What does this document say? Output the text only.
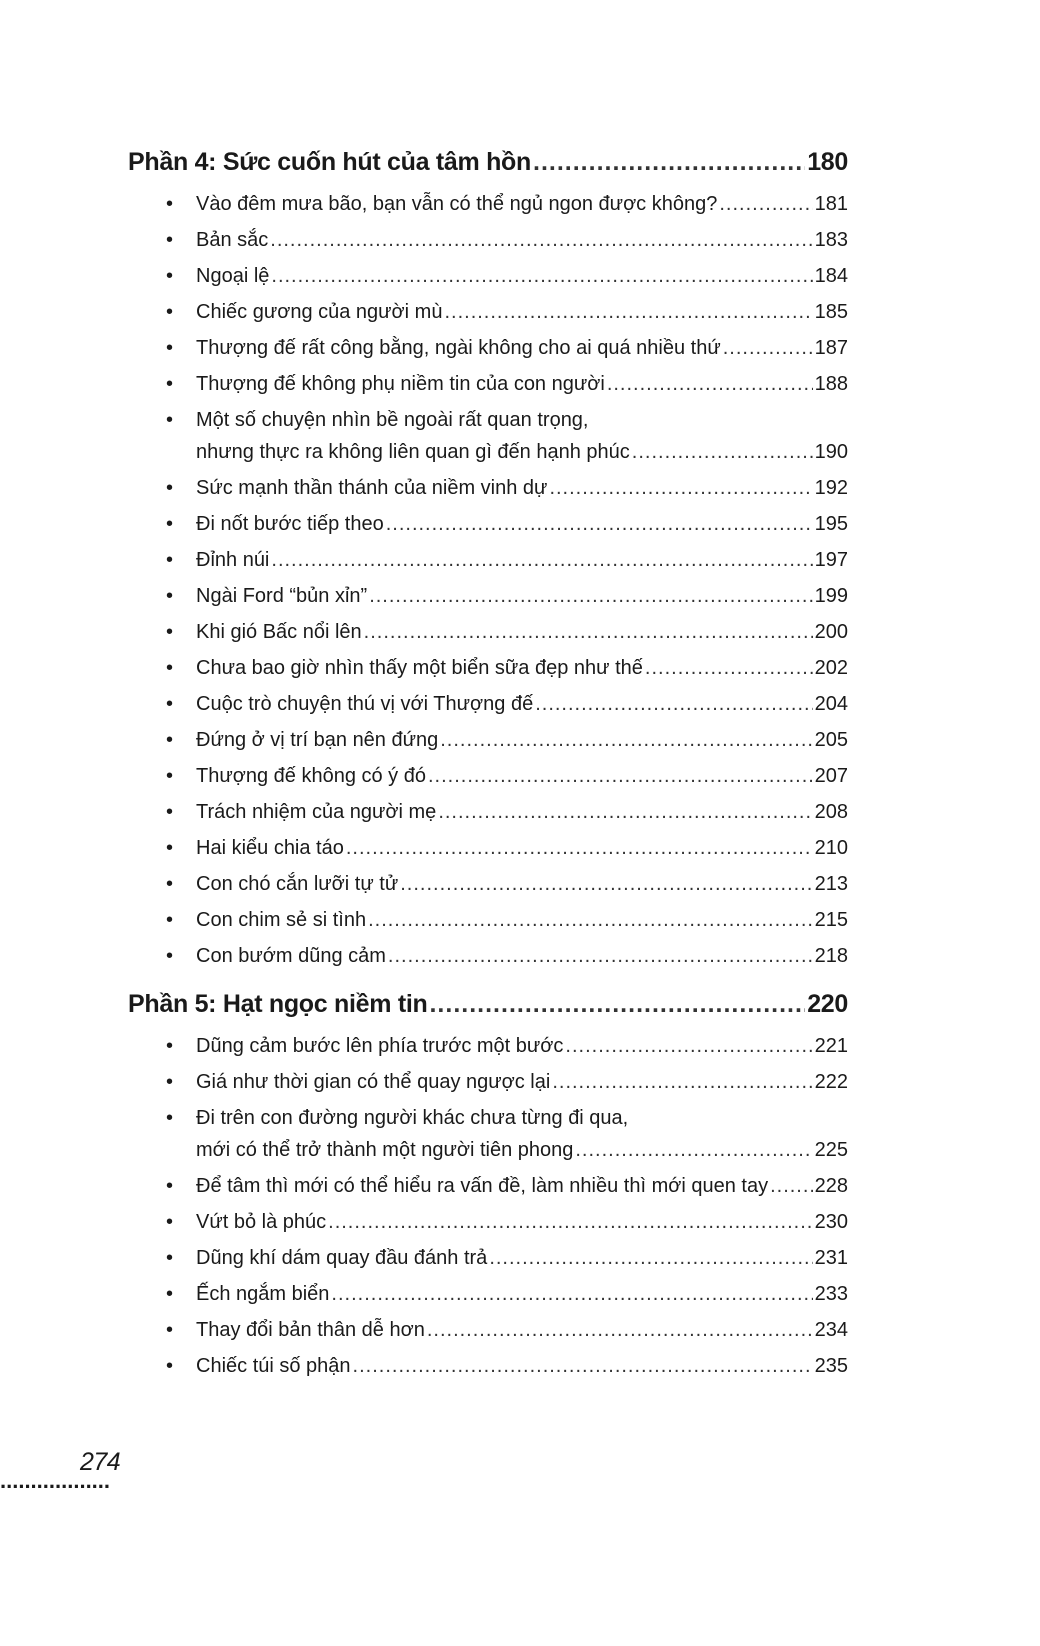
Phần 4: Sức cuốn hút của tâm hồn .....	180
•	Vào đêm mưa bão, bạn vẫn có thể ngủ ngon được không? .....	181
•	Bản sắc .....	183
•	Ngoại lệ .....	184
•	Chiếc gương của người mù .....	185
•	Thượng đế rất công bằng, ngài không cho ai quá nhiều thứ .....	187
•	Thượng đế không phụ niềm tin của con người .....	188
•	Một số chuyện nhìn bề ngoài rất quan trọng,
nhưng thực ra không liên quan gì đến hạnh phúc .....	190
•	Sức mạnh thần thánh của niềm vinh dự .....	192
•	Đi nốt bước tiếp theo .....	195
•	Đỉnh núi .....	197
•	Ngài Ford “bủn xỉn” .....	199
•	Khi gió Bấc nổi lên .....	200
•	Chưa bao giờ nhìn thấy một biển sữa đẹp như thế .....	202
•	Cuộc trò chuyện thú vị với Thượng đế .....	204
•	Đứng ở vị trí bạn nên đứng .....	205
•	Thượng đế không có ý đó .....	207
•	Trách nhiệm của người mẹ .....	208
•	Hai kiểu chia táo .....	210
•	Con chó cắn lưỡi tự tử .....	213
•	Con chim sẻ si tình .....	215
•	Con bướm dũng cảm .....	218
Phần 5: Hạt ngọc niềm tin .....	220
•	Dũng cảm bước lên phía trước một bước .....	221
•	Giá như thời gian có thể quay ngược lại .....	222
•	Đi trên con đường người khác chưa từng đi qua,
mới có thể trở thành một người tiên phong .....	225
•	Để tâm thì mới có thể hiểu ra vấn đề, làm nhiều thì mới quen tay ..... 228
•	Vứt bỏ là phúc .....	230
•	Dũng khí dám quay đầu đánh trả .....	231
•	Ếch ngắm biển .....	233
•	Thay đổi bản thân dễ hơn .....	234
•	Chiếc túi số phận .....	235
274
..................
